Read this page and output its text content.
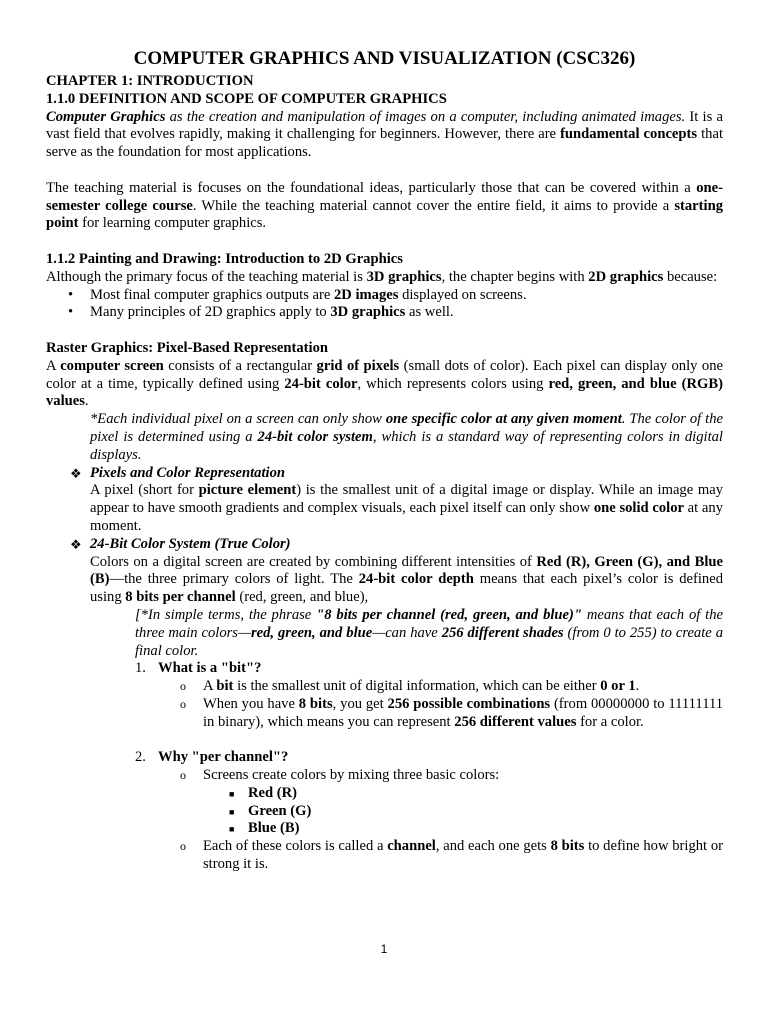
COMPUTER GRAPHICS AND VISUALIZATION (CSC326)

CHAPTER 1: INTRODUCTION

1.1.0 DEFINITION AND SCOPE OF COMPUTER GRAPHICS

Computer Graphics as the creation and manipulation of images on a computer, including animated images. It is a vast field that evolves rapidly, making it challenging for beginners. However, there are fundamental concepts that serve as the foundation for most applications.

The teaching material is focuses on the foundational ideas, particularly those that can be covered within a one-semester college course. While the teaching material cannot cover the entire field, it aims to provide a starting point for learning computer graphics.

1.1.2 Painting and Drawing: Introduction to 2D Graphics

Although the primary focus of the teaching material is 3D graphics, the chapter begins with 2D graphics because:

• Most final computer graphics outputs are 2D images displayed on screens.
• Many principles of 2D graphics apply to 3D graphics as well.

Raster Graphics: Pixel-Based Representation

A computer screen consists of a rectangular grid of pixels (small dots of color). Each pixel can display only one color at a time, typically defined using 24-bit color, which represents colors using red, green, and blue (RGB) values.

*Each individual pixel on a screen can only show one specific color at any given moment. The color of the pixel is determined using a 24-bit color system, which is a standard way of representing colors in digital displays.

❖ Pixels and Color Representation

A pixel (short for picture element) is the smallest unit of a digital image or display. While an image may appear to have smooth gradients and complex visuals, each pixel itself can only show one solid color at any moment.

❖ 24-Bit Color System (True Color)

Colors on a digital screen are created by combining different intensities of Red (R), Green (G), and Blue (B)—the three primary colors of light. The 24-bit color depth means that each pixel’s color is defined using 8 bits per channel (red, green, and blue),

[*In simple terms, the phrase "8 bits per channel (red, green, and blue)" means that each of the three main colors—red, green, and blue—can have 256 different shades (from 0 to 255) to create a final color.

1. What is a "bit"?

o A bit is the smallest unit of digital information, which can be either 0 or 1.

o When you have 8 bits, you get 256 possible combinations (from 00000000 to 11111111 in binary), which means you can represent 256 different values for a color.

2. Why "per channel"?

o Screens create colors by mixing three basic colors:

■ Red (R)

■ Green (G)

■ Blue (B)

o Each of these colors is called a channel, and each one gets 8 bits to define how bright or strong it is.

1
